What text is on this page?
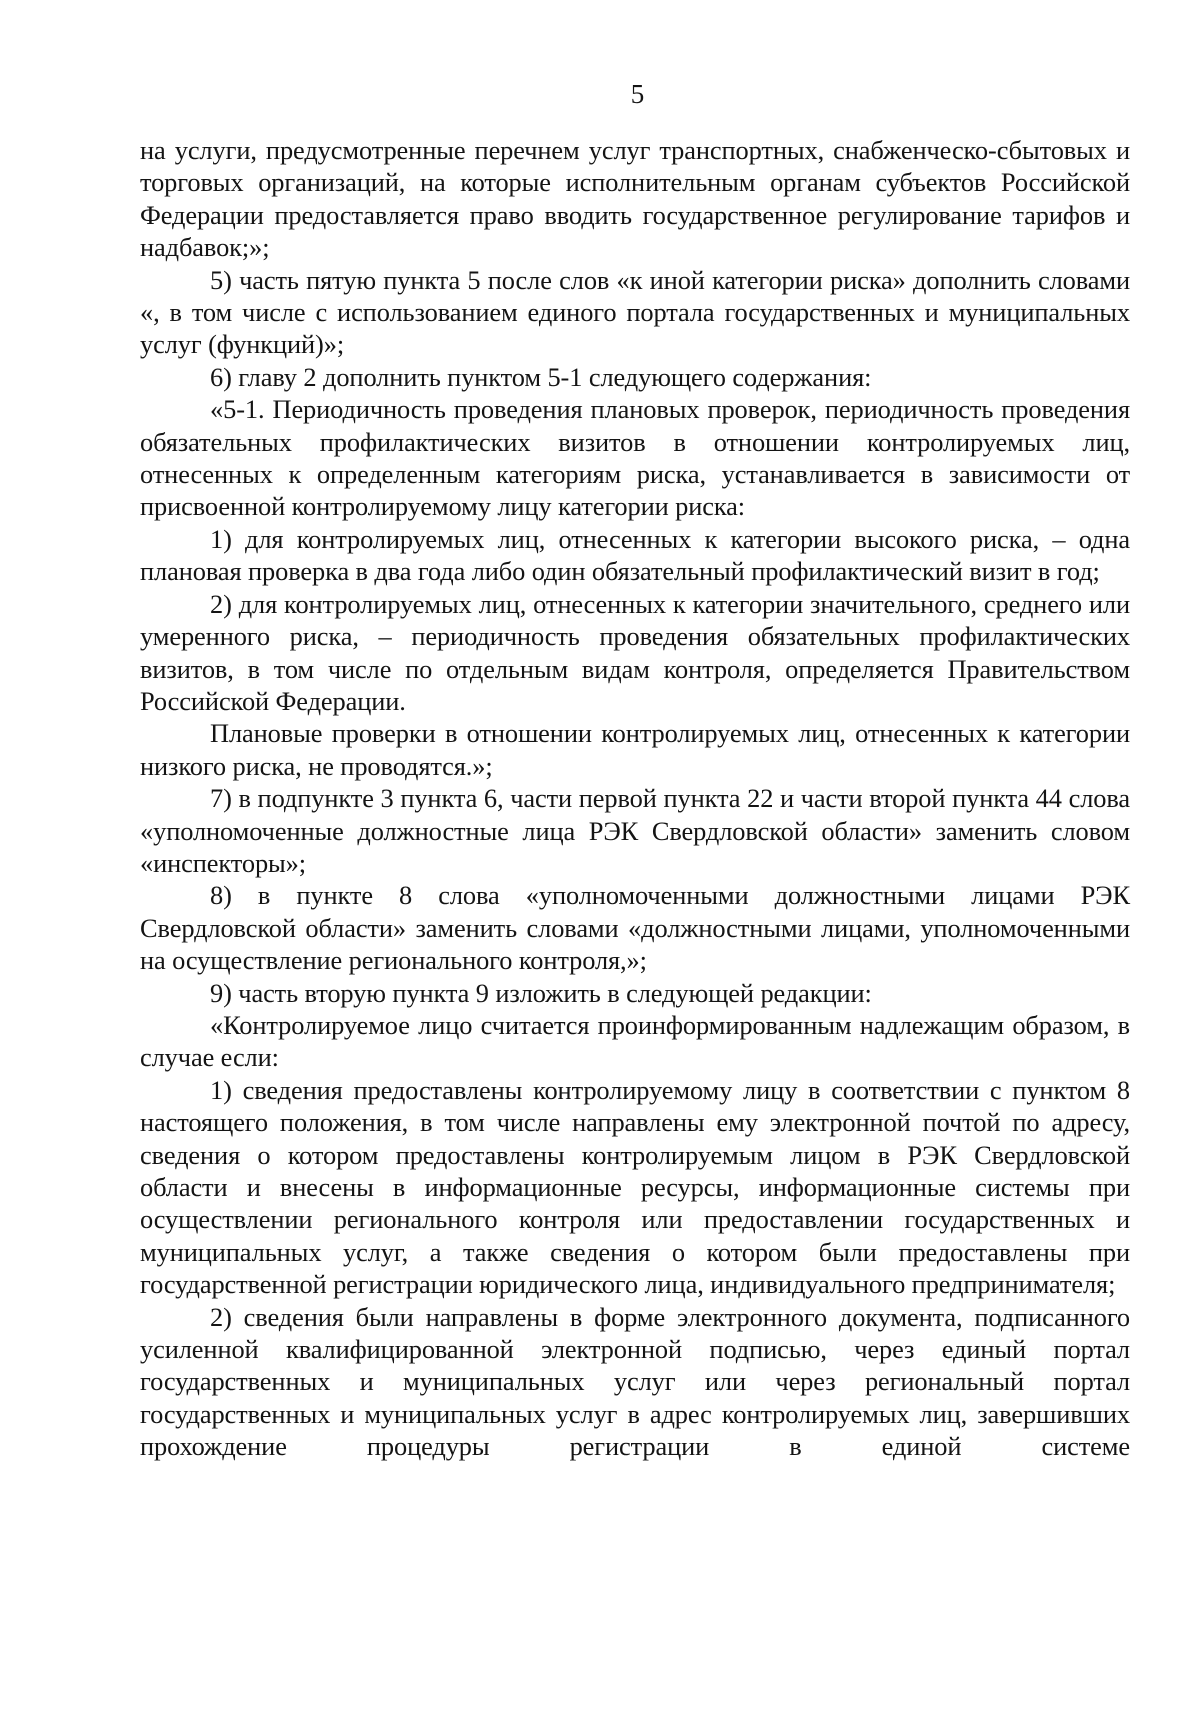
5

на услуги, предусмотренные перечнем услуг транспортных, снабженческо-сбытовых и торговых организаций, на которые исполнительным органам субъектов Российской Федерации предоставляется право вводить государственное регулирование тарифов и надбавок;»;

5) часть пятую пункта 5 после слов «к иной категории риска» дополнить словами «, в том числе с использованием единого портала государственных и муниципальных услуг (функций)»;

6) главу 2 дополнить пунктом 5-1 следующего содержания:

«5-1. Периодичность проведения плановых проверок, периодичность проведения обязательных профилактических визитов в отношении контролируемых лиц, отнесенных к определенным категориям риска, устанавливается в зависимости от присвоенной контролируемому лицу категории риска:

1) для контролируемых лиц, отнесенных к категории высокого риска, – одна плановая проверка в два года либо один обязательный профилактический визит в год;

2) для контролируемых лиц, отнесенных к категории значительного, среднего или умеренного риска, – периодичность проведения обязательных профилактических визитов, в том числе по отдельным видам контроля, определяется Правительством Российской Федерации.

Плановые проверки в отношении контролируемых лиц, отнесенных к категории низкого риска, не проводятся.»;

7) в подпункте 3 пункта 6, части первой пункта 22 и части второй пункта 44 слова «уполномоченные должностные лица РЭК Свердловской области» заменить словом «инспекторы»;

8) в пункте 8 слова «уполномоченными должностными лицами РЭК Свердловской области» заменить словами «должностными лицами, уполномоченными на осуществление регионального контроля,»;

9) часть вторую пункта 9 изложить в следующей редакции:

«Контролируемое лицо считается проинформированным надлежащим образом, в случае если:

1) сведения предоставлены контролируемому лицу в соответствии с пунктом 8 настоящего положения, в том числе направлены ему электронной почтой по адресу, сведения о котором предоставлены контролируемым лицом в РЭК Свердловской области и внесены в информационные ресурсы, информационные системы при осуществлении регионального контроля или предоставлении государственных и муниципальных услуг, а также сведения о котором были предоставлены при государственной регистрации юридического лица, индивидуального предпринимателя;

2) сведения были направлены в форме электронного документа, подписанного усиленной квалифицированной электронной подписью, через единый портал государственных и муниципальных услуг или через региональный портал государственных и муниципальных услуг в адрес контролируемых лиц, завершивших прохождение процедуры регистрации в единой системе
